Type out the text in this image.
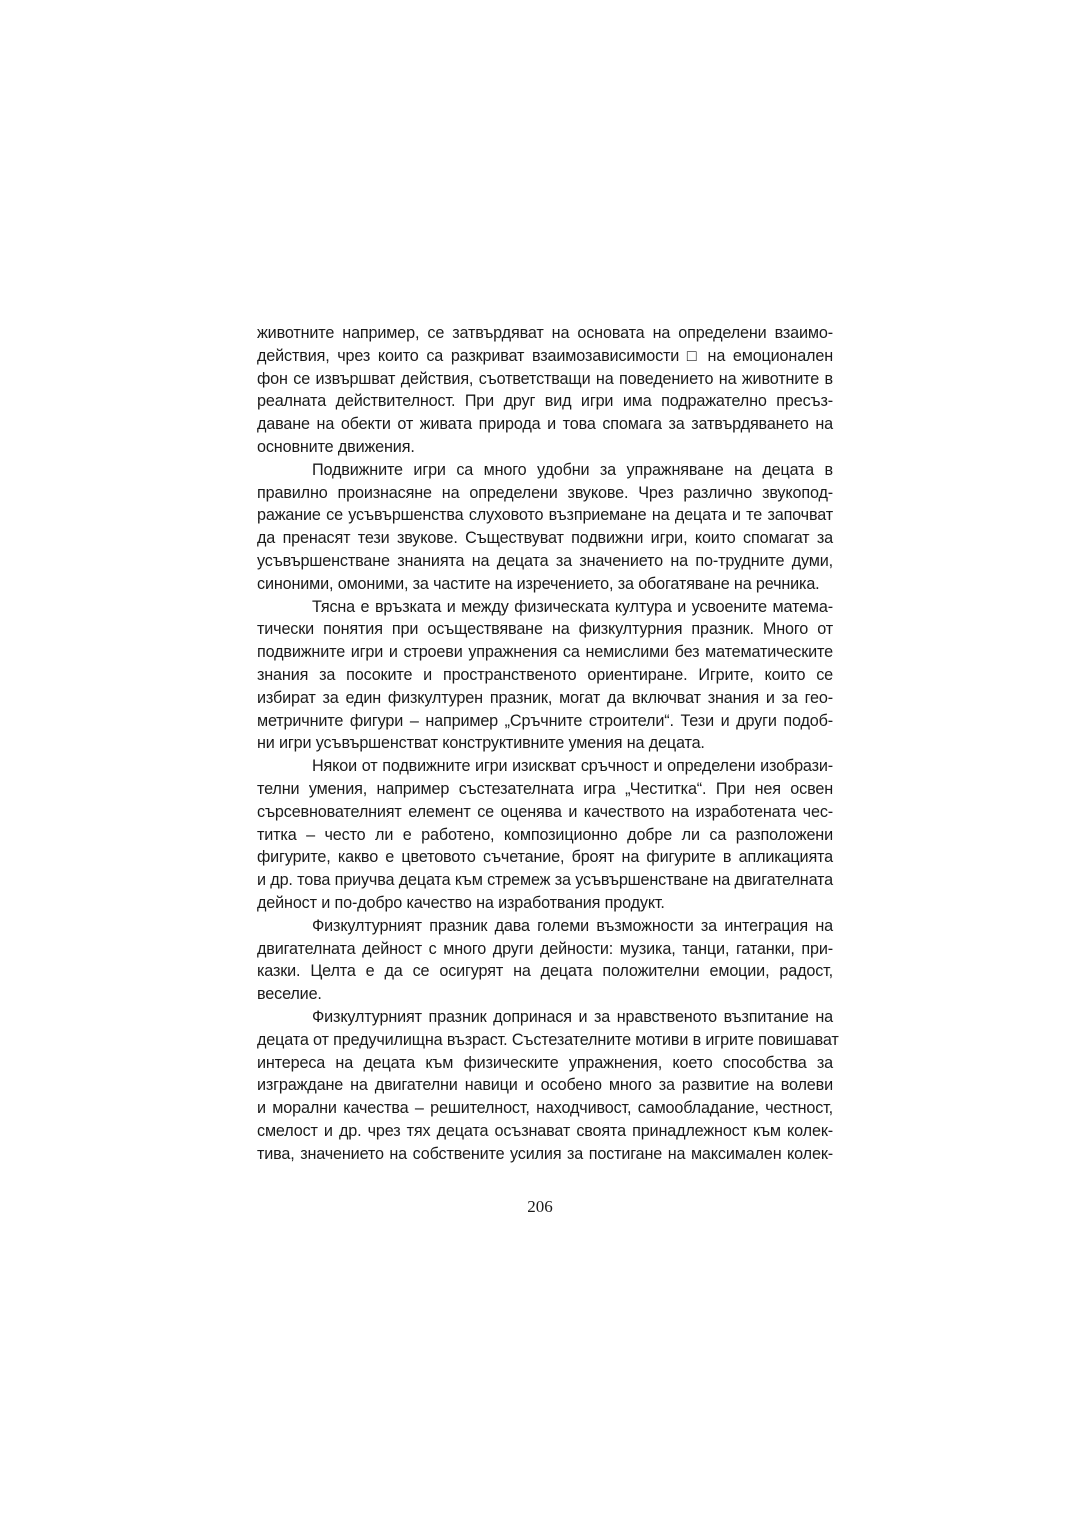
животните например, се затвърдяват на основата на определени взаимо-
действия, чрез които са разкриват взаимозависимости □ на емоционален
фон се извършват действия, съответстващи на поведението на животните в
реалната действителност. При друг вид игри има подражателно пресъз-
даване на обекти от живата природа и това спомага за затвърдяването на
основните движения.
Подвижните игри са много удобни за упражняване на децата в
правилно произнасяне на определени звукове. Чрез различно звукопод-
ражание се усъвършенства слуховото възприемане на децата и те започват
да пренасят тези звукове. Съществуват подвижни игри, които спомагат за
усъвършенстване знанията на децата за значението на по-трудните думи,
синоними, омоними, за частите на изречението, за обогатяване на речника.
Тясна е връзката и между физическата култура и усвоените матема-
тически понятия при осъществяване на физкултурния празник. Много от
подвижните игри и строеви упражнения са немислими без математическите
знания за посоките и пространственото ориентиране. Игрите, които се
избират за един физкултурен празник, могат да включват знания и за гео-
метричните фигури – например „Сръчните строители“. Тези и други подоб-
ни игри усъвършенстват конструктивните умения на децата.
Някои от подвижните игри изискват сръчност и определени изобрази-
телни умения, например състезателната игра „Честитка“. При нея освен
сърсевнователният елемент се оценява и качеството на изработената чес-
титка – често ли е работено, композиционно добре ли са разположени
фигурите, какво е цветовото съчетание, броят на фигурите в апликацията
и др. това приучва децата към стремеж за усъвършенстване на двигателната
дейност и по-добро качество на изработвания продукт.
Физкултурният празник дава големи възможности за интеграция на
двигателната дейност с много други дейности: музика, танци, гатанки, при-
казки. Целта е да се осигурят на децата положителни емоции, радост,
веселие.
Физкултурният празник допринася и за нравственото възпитание на
децата от предучилищна възраст. Състезателните мотиви в игрите повишават
интереса на децата към физическите упражнения, което способства за
изграждане на двигателни навици и особено много за развитие на волеви
и морални качества – решителност, находчивост, самообладание, честност,
смелост и др. чрез тях децата осъзнават своята принадлежност към колек-
тива, значението на собствените усилия за постигане на максимален колек-
206
